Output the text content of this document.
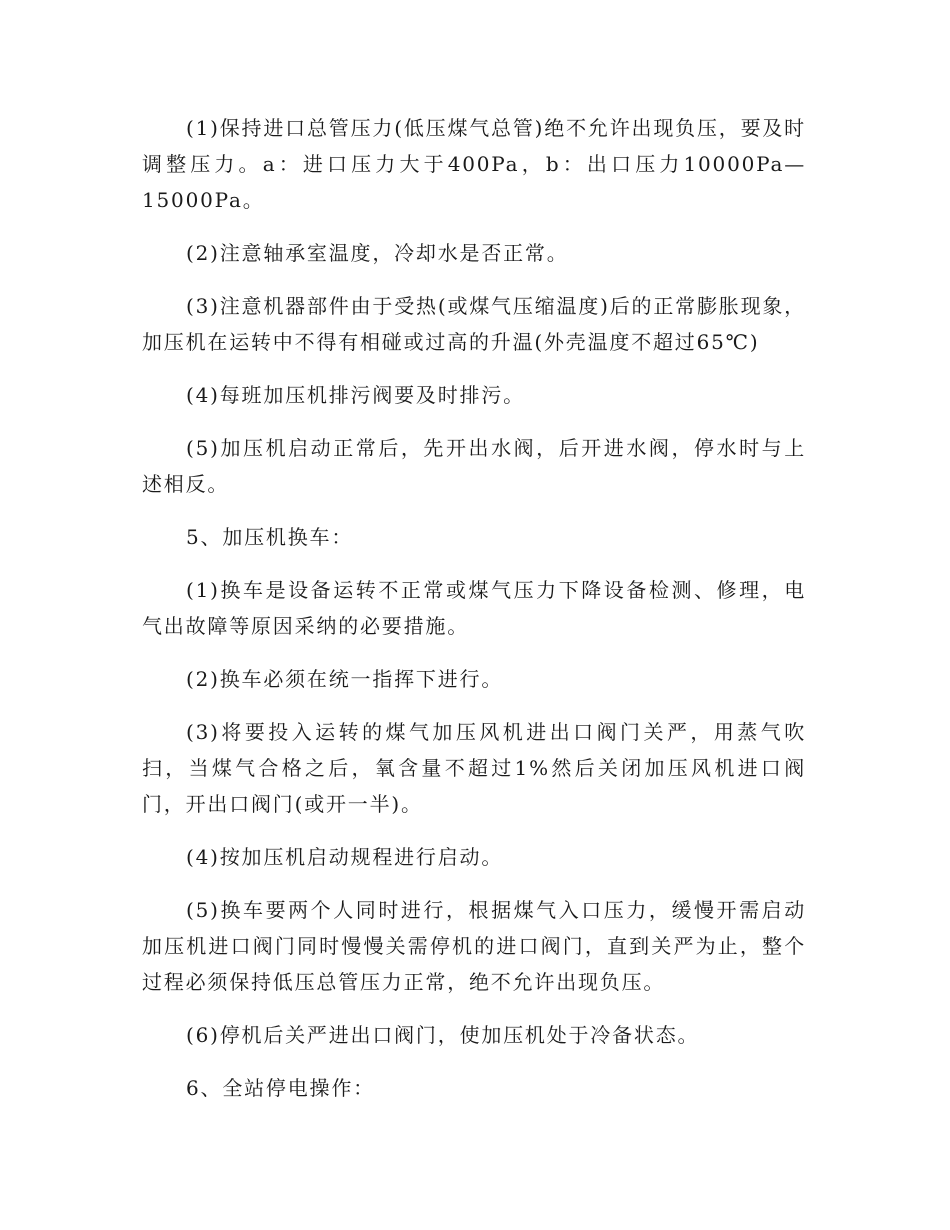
(1)保持进口总管压力(低压煤气总管)绝不允许出现负压，要及时调整压力。a：进口压力大于400Pa，b：出口压力10000Pa—15000Pa。

(2)注意轴承室温度，冷却水是否正常。

(3)注意机器部件由于受热(或煤气压缩温度)后的正常膨胀现象，加压机在运转中不得有相碰或过高的升温(外壳温度不超过65℃)

(4)每班加压机排污阀要及时排污。

(5)加压机启动正常后，先开出水阀，后开进水阀，停水时与上述相反。

5、加压机换车：

(1)换车是设备运转不正常或煤气压力下降设备检测、修理，电气出故障等原因采纳的必要措施。

(2)换车必须在统一指挥下进行。

(3)将要投入运转的煤气加压风机进出口阀门关严，用蒸气吹扫，当煤气合格之后，氧含量不超过1%然后关闭加压风机进口阀门，开出口阀门(或开一半)。

(4)按加压机启动规程进行启动。

(5)换车要两个人同时进行，根据煤气入口压力，缓慢开需启动加压机进口阀门同时慢慢关需停机的进口阀门，直到关严为止，整个过程必须保持低压总管压力正常，绝不允许出现负压。

(6)停机后关严进出口阀门，使加压机处于冷备状态。

6、全站停电操作：
